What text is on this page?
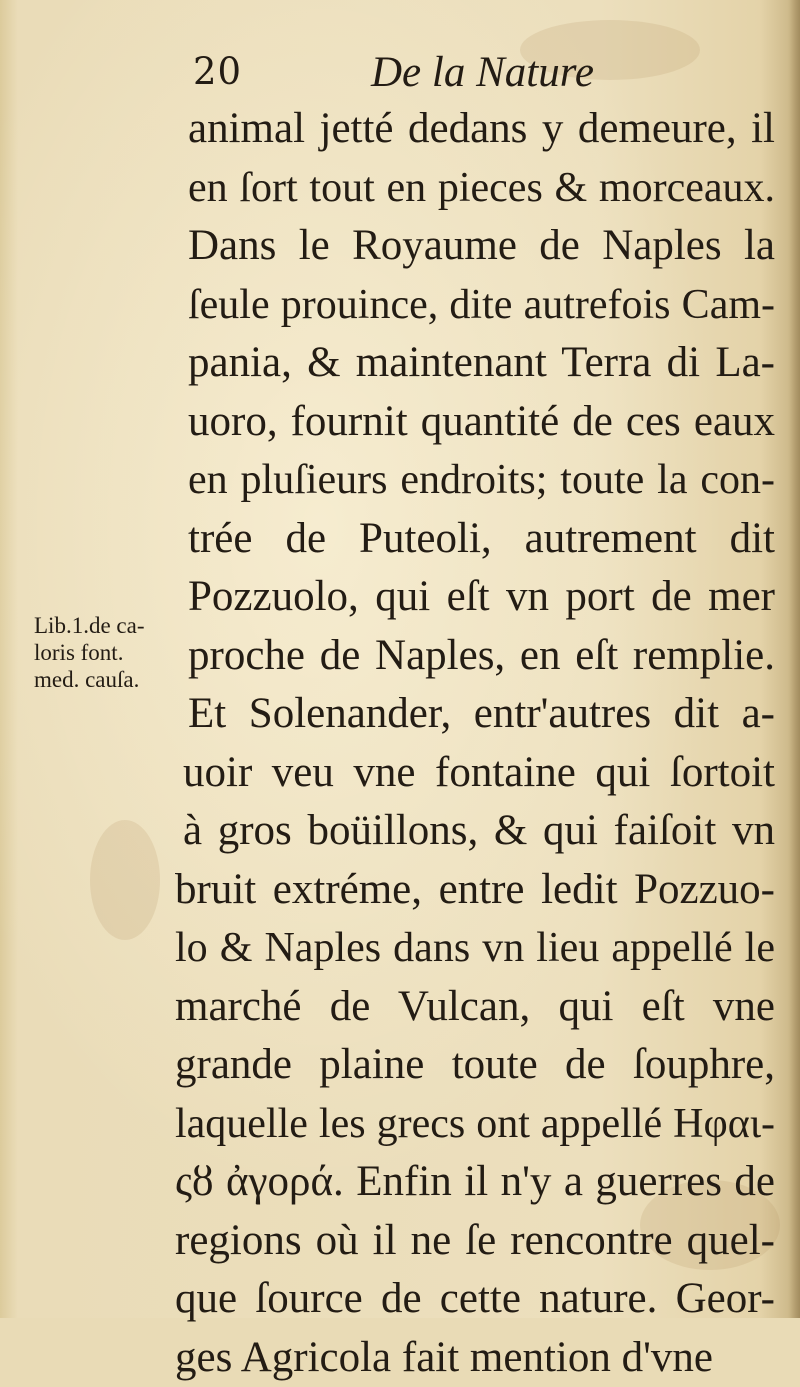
20	De la Nature
Lib.1.de ca-
loris font.
med. cauſa.
animal jetté dedans y demeure, il
en ſort tout en pieces & morceaux.
Dans le Royaume de Naples la
ſeule prouince, dite autrefois Cam-
pania, & maintenant Terra di La-
uoro, fournit quantité de ces eaux
en pluſieurs endroits; toute la con-
trée de Puteoli, autrement dit
Pozzuolo, qui eſt vn port de mer
proche de Naples, en eſt remplie.
Et Solenander, entr'autres dit a-
uoir veu vne fontaine qui ſortoit
à gros boüillons, & qui faiſoit vn
bruit extréme, entre ledit Pozzuo-
lo & Naples dans vn lieu appellé le
marché de Vulcan, qui eſt vne
grande plaine toute de ſouphre,
laquelle les grecs ont appellé Ηφαι-
ςȣ ἀγορά. Enfin il n'y a guerres de
regions où il ne ſe rencontre quel-
que ſource de cette nature. Geor-
ges Agricola fait mention d'vne
